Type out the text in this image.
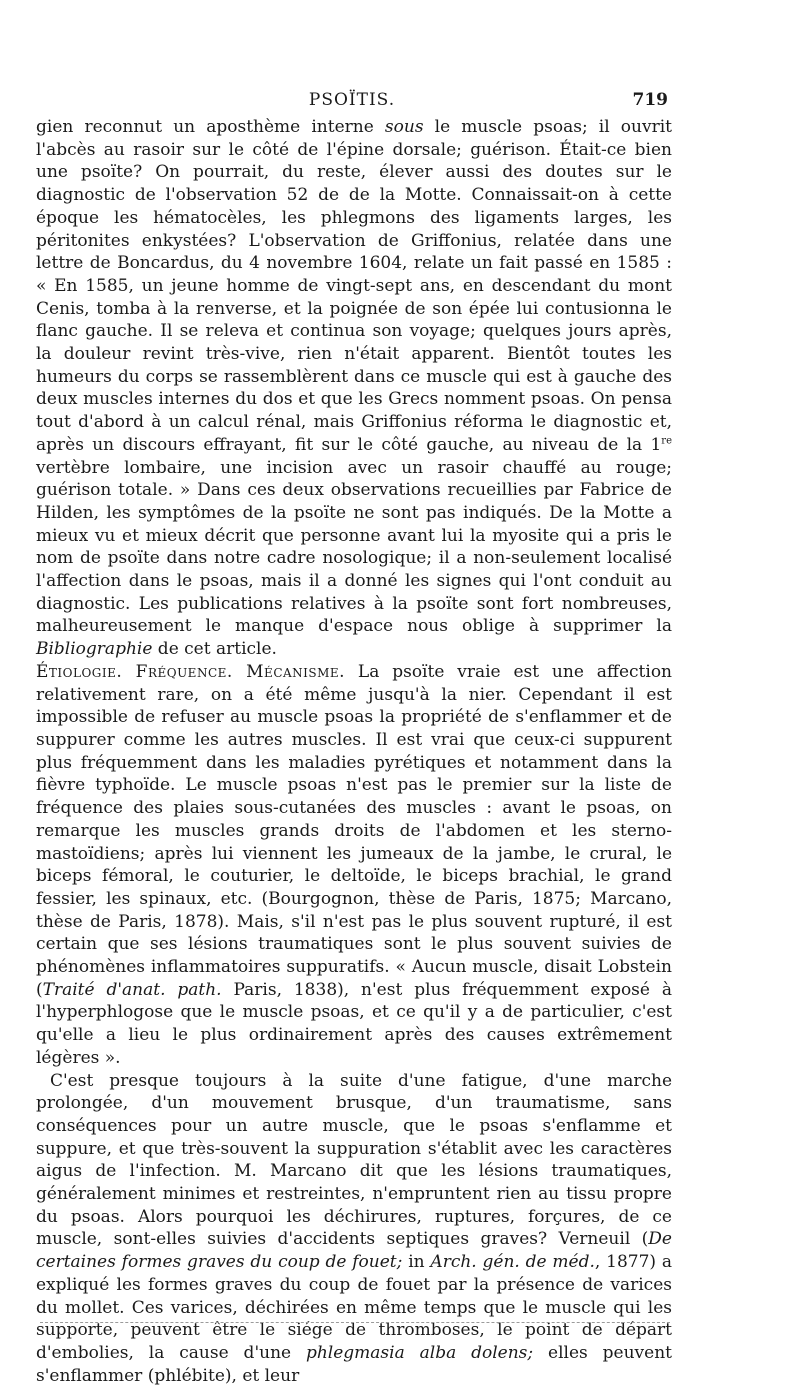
PSOÏTIS.	719

gien reconnut un aposthème interne sous le muscle psoas; il ouvrit l'abcès au rasoir sur le côté de l'épine dorsale; guérison. Était-ce bien une psoïte? On pourrait, du reste, élever aussi des doutes sur le diagnostic de l'observation 52 de de la Motte. Connaissait-on à cette époque les hématocèles, les phlegmons des ligaments larges, les péritonites enkystées? L'observation de Griffonius, relatée dans une lettre de Boncardus, du 4 novembre 1604, relate un fait passé en 1585 : « En 1585, un jeune homme de vingt-sept ans, en descendant du mont Cenis, tomba à la renverse, et la poignée de son épée lui contusionna le flanc gauche. Il se releva et continua son voyage; quelques jours après, la douleur revint très-vive, rien n'était apparent. Bientôt toutes les humeurs du corps se rassemblèrent dans ce muscle qui est à gauche des deux muscles internes du dos et que les Grecs nomment psoas. On pensa tout d'abord à un calcul rénal, mais Griffonius réforma le diagnostic et, après un discours effrayant, fit sur le côté gauche, au niveau de la 1re vertèbre lombaire, une incision avec un rasoir chauffé au rouge; guérison totale. » Dans ces deux observations recueillies par Fabrice de Hilden, les symptômes de la psoïte ne sont pas indiqués. De la Motte a mieux vu et mieux décrit que personne avant lui la myosite qui a pris le nom de psoïte dans notre cadre nosologique; il a non-seulement localisé l'affection dans le psoas, mais il a donné les signes qui l'ont conduit au diagnostic. Les publications relatives à la psoïte sont fort nombreuses, malheureusement le manque d'espace nous oblige à supprimer la Bibliographie de cet article.

Étiologie. Fréquence. Mécanisme. La psoïte vraie est une affection relativement rare, on a été même jusqu'à la nier. Cependant il est impossible de refuser au muscle psoas la propriété de s'enflammer et de suppurer comme les autres muscles. Il est vrai que ceux-ci suppurent plus fréquemment dans les maladies pyrétiques et notamment dans la fièvre typhoïde. Le muscle psoas n'est pas le premier sur la liste de fréquence des plaies sous-cutanées des muscles : avant le psoas, on remarque les muscles grands droits de l'abdomen et les sterno-mastoïdiens; après lui viennent les jumeaux de la jambe, le crural, le biceps fémoral, le couturier, le deltoïde, le biceps brachial, le grand fessier, les spinaux, etc. (Bourgognon, thèse de Paris, 1875; Marcano, thèse de Paris, 1878). Mais, s'il n'est pas le plus souvent rupturé, il est certain que ses lésions traumatiques sont le plus souvent suivies de phénomènes inflammatoires suppuratifs. « Aucun muscle, disait Lobstein (Traité d'anat. path. Paris, 1838), n'est plus fréquemment exposé à l'hyperphlogose que le muscle psoas, et ce qu'il y a de particulier, c'est qu'elle a lieu le plus ordinairement après des causes extrêmement légères ».

C'est presque toujours à la suite d'une fatigue, d'une marche prolongée, d'un mouvement brusque, d'un traumatisme, sans conséquences pour un autre muscle, que le psoas s'enflamme et suppure, et que très-souvent la suppuration s'établit avec les caractères aigus de l'infection. M. Marcano dit que les lésions traumatiques, généralement minimes et restreintes, n'empruntent rien au tissu propre du psoas. Alors pourquoi les déchirures, ruptures, forçures, de ce muscle, sont-elles suivies d'accidents septiques graves? Verneuil (De certaines formes graves du coup de fouet; in Arch. gén. de méd., 1877) a expliqué les formes graves du coup de fouet par la présence de varices du mollet. Ces varices, déchirées en même temps que le muscle qui les supporte, peuvent être le siége de thromboses, le point de départ d'embolies, la cause d'une phlegmasia alba dolens; elles peuvent s'enflammer (phlébite), et leur
